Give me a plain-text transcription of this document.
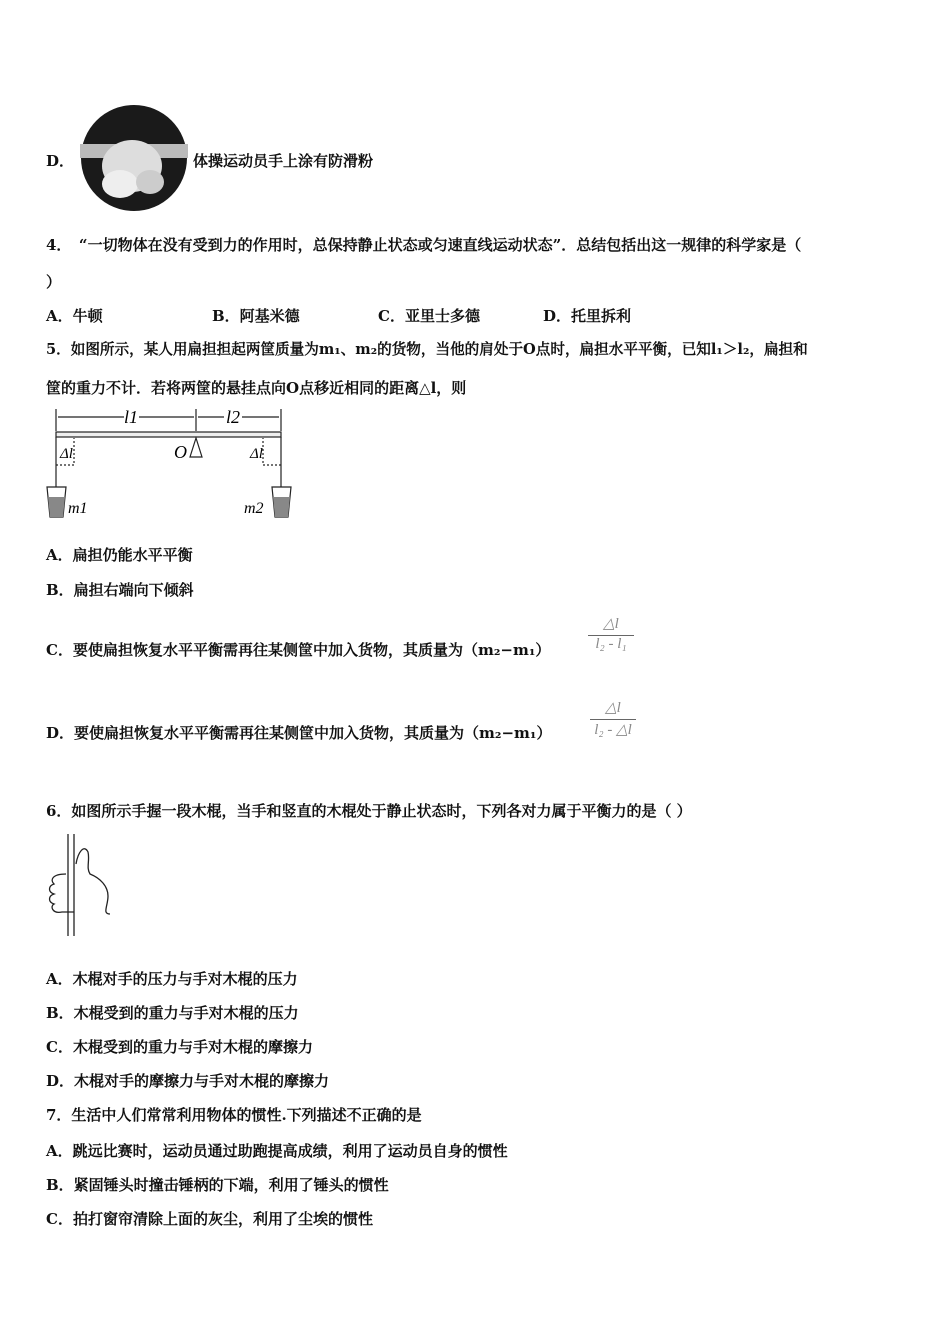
D．	体操运动员手上涂有防滑粉
4．　“一切物体在没有受到力的作用时，总保持静止状态或匀速直线运动状态”．总结包括出这一规律的科学家是（
）
A．牛顿	B．阿基米德	C．亚里士多德	D．托里拆利
5．如图所示，某人用扁担担起两筐质量为m₁、m₂的货物，当他的肩处于O点时，扁担水平平衡，已知l₁＞l₂，扁担和
筐的重力不计．若将两筐的悬挂点向O点移近相同的距离△l，则
l1	l2
O
Δl	Δl
m1	m2
A．扁担仍能水平平衡
B．扁担右端向下倾斜
C．要使扁担恢复水平平衡需再往某侧筐中加入货物，其质量为（m₂−m₁）	$\frac{\triangle l}{\text{l₂ - l₁}}$
D．要使扁担恢复水平平衡需再往某侧筐中加入货物，其质量为（m₂−m₁）	$\frac{\triangle l}{\text{l₂ - △l}}$
6．如图所示手握一段木棍，当手和竖直的木棍处于静止状态时，下列各对力属于平衡力的是（ ）
A．木棍对手的压力与手对木棍的压力
B．木棍受到的重力与手对木棍的压力
C．木棍受到的重力与手对木棍的摩擦力
D．木棍对手的摩擦力与手对木棍的摩擦力
7．生活中人们常常利用物体的惯性.下列描述不正确的是
A．跳远比赛时，运动员通过助跑提高成绩，利用了运动员自身的惯性
B．紧固锤头时撞击锤柄的下端，利用了锤头的惯性
C．拍打窗帘清除上面的灰尘，利用了尘埃的惯性
